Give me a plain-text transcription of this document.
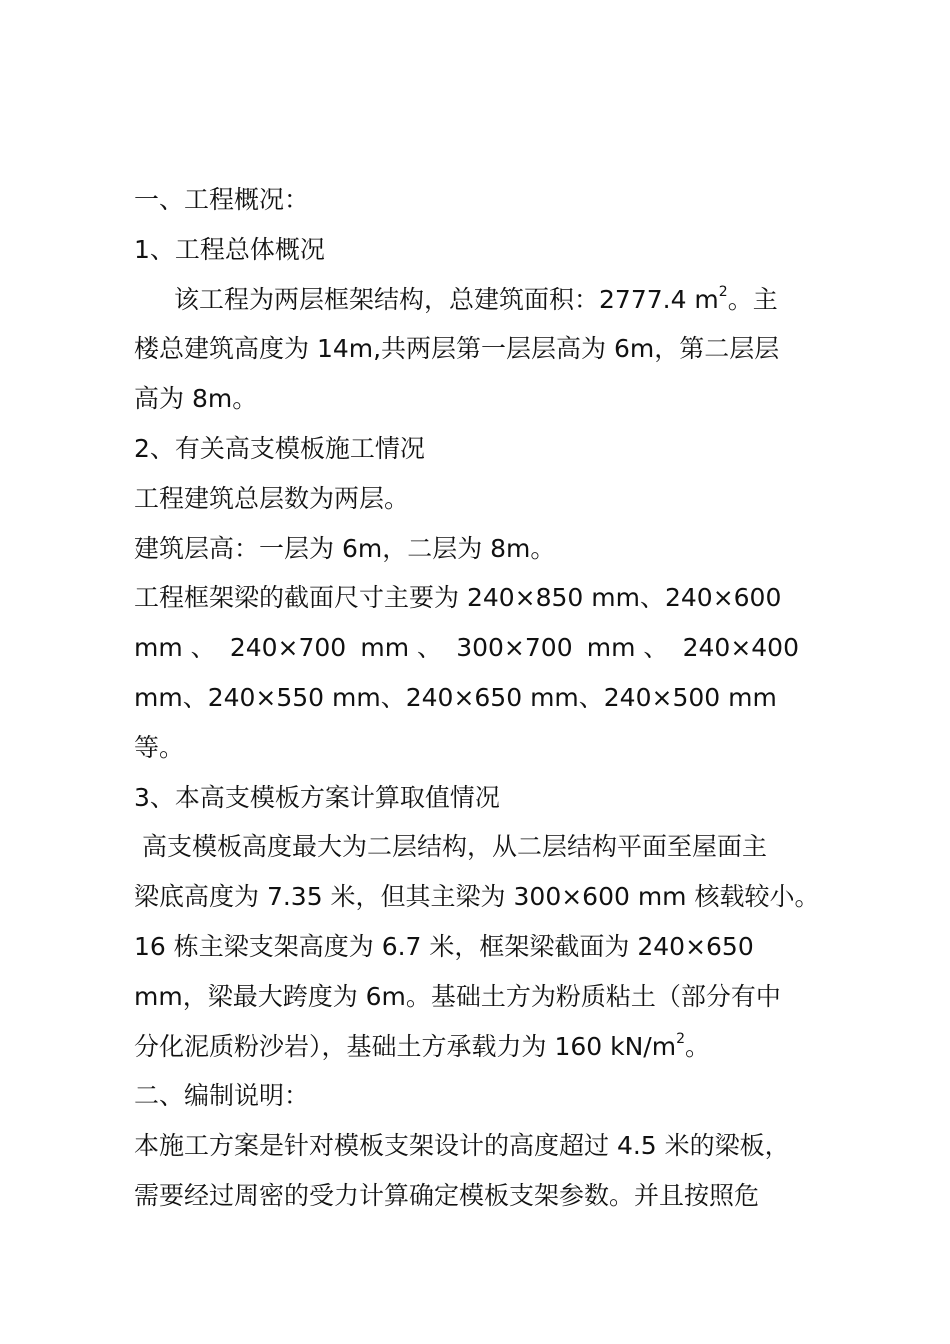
一、工程概况：
1、工程总体概况
该工程为两层框架结构，总建筑面积：2777.4 $m^2$。主
楼总建筑高度为 14m,共两层第一层层高为 6m，第二层层
高为 8m。
2、有关高支模板施工情况
工程建筑总层数为两层。
建筑层高：一层为 6m，二层为 8m。
工程框架梁的截面尺寸主要为 240×850 mm、240×600
mm 、 240×700 mm 、 300×700 mm 、 240×400
mm、240×550 mm、240×650 mm、240×500 mm
等。
3、本高支模板方案计算取值情况
高支模板高度最大为二层结构，从二层结构平面至屋面主
梁底高度为 7.35 米，但其主梁为 300×600 mm 核载较小。
16 栋主梁支架高度为 6.7 米，框架梁截面为 240×650
mm，梁最大跨度为 6m。基础土方为粉质粘土（部分有中
分化泥质粉沙岩），基础土方承载力为 160 $kN/m^2$。
二、编制说明：
本施工方案是针对模板支架设计的高度超过 4.5 米的梁板，
需要经过周密的受力计算确定模板支架参数。并且按照危
